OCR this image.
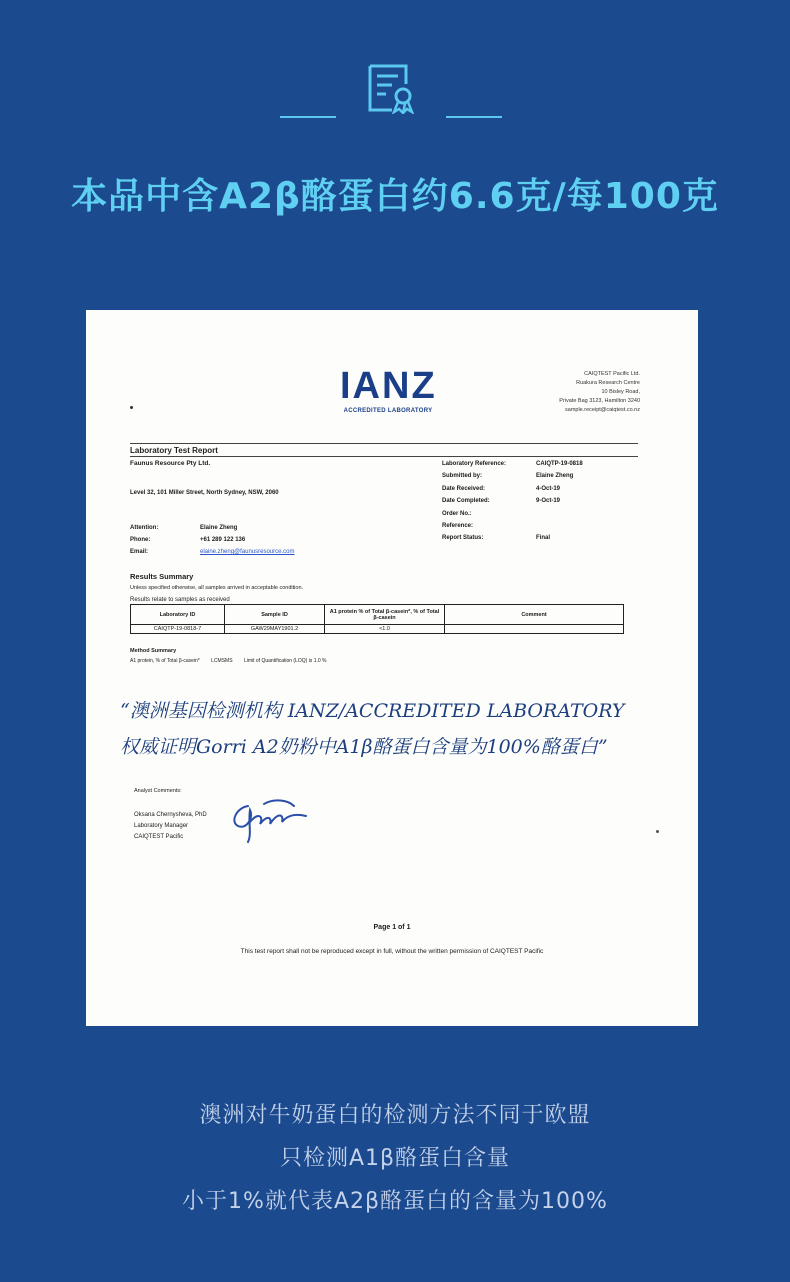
本品中含A2β酪蛋白约6.6克/每100克
IANZ
ACCREDITED LABORATORY
CAIQTEST Pacific Ltd.
Ruakura Research Centre
10 Bisley Road,
Private Bag 3123, Hamilton 3240
sample.receipt@caiqtest.co.nz
Laboratory Test Report
Faunus Resource Pty Ltd.
Level 32, 101 Miller Street, North Sydney, NSW, 2060
Attention:	Elaine Zheng
Phone:	+61 289 122 136
Email:	elaine.zheng@faunusresource.com
Laboratory Reference:	CAIQTP-19-0818
Submitted by:	Elaine Zheng
Date Received:	4-Oct-19
Date Completed:	9-Oct-19
Order No.:
Reference:
Report Status:	Final
Results Summary
Unless specified otherwise, all samples arrived in acceptable condition.
Results relate to samples as received
Laboratory ID	Sample ID	A1 protein % of Total β-casein*, % of Total β-casein	Comment
CAIQTP-19-0818-7	GAW29MAY1901.2	<1.0	
Method Summary
A1 protein, % of Total β-casein* LCMSMS Limit of Quantification (LOQ) is 1.0 %
“澳洲基因检测机构 IANZ/ACCREDITED LABORATORY
权威证明Gorri A2奶粉中A1β酪蛋白含量为100%酪蛋白”
Analyst Comments:
Oksana Chernysheva, PhD
Laboratory Manager
CAIQTEST Pacific
Page 1 of 1
This test report shall not be reproduced except in full, without the written permission of CAIQTEST Pacific
澳洲对牛奶蛋白的检测方法不同于欧盟
只检测A1β酪蛋白含量
小于1%就代表A2β酪蛋白的含量为100%
